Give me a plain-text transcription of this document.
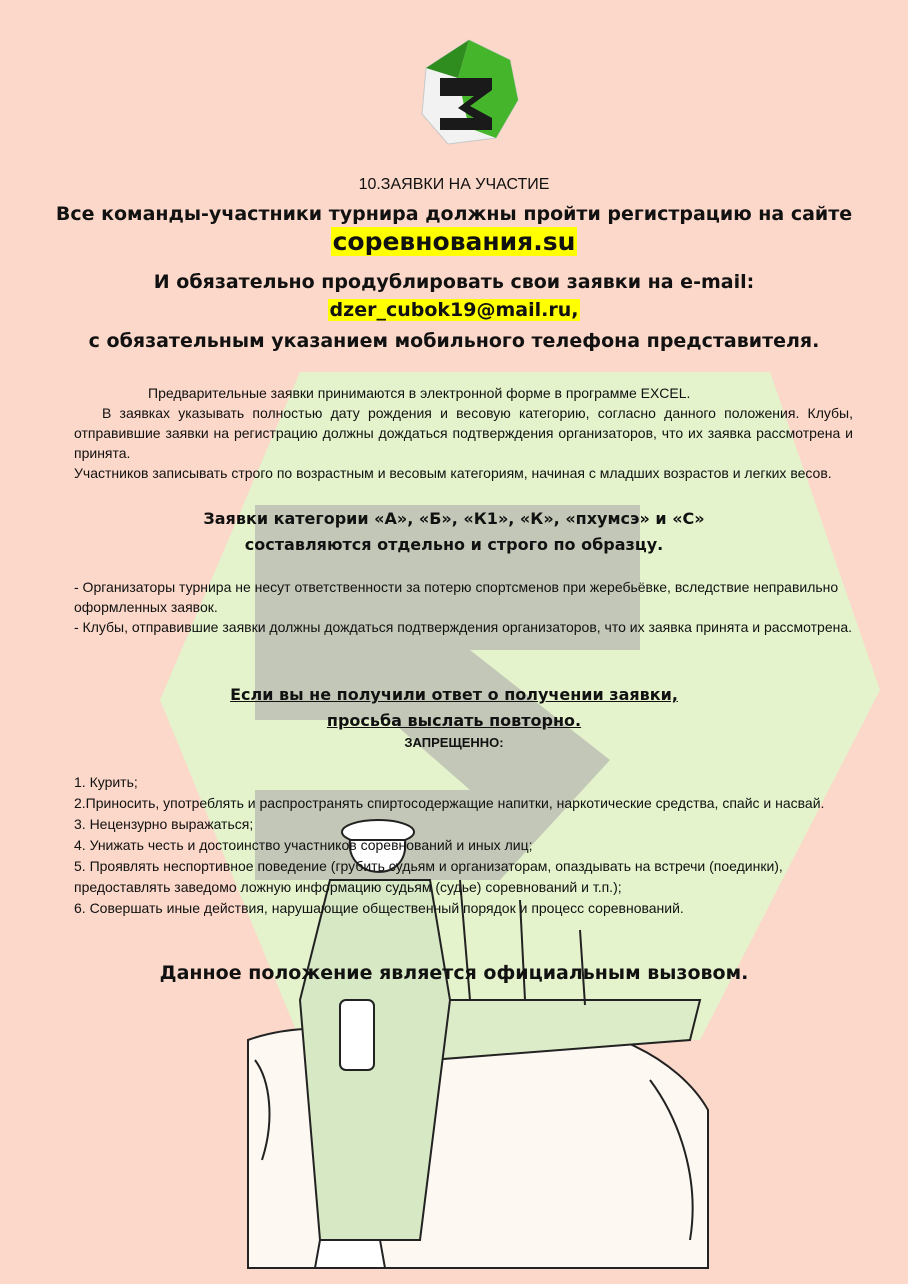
10.ЗАЯВКИ НА УЧАСТИЕ
Все команды-участники турнира должны пройти регистрацию на сайте
соревнования.su
И обязательно продублировать свои заявки на e-mail:
dzer_cubok19@mail.ru,
с обязательным указанием мобильного телефона представителя.

Предварительные заявки принимаются в электронной форме в программе EXCEL.

В заявках указывать полностью дату рождения и весовую категорию, согласно данного положения. Клубы, отправившие заявки на регистрацию должны дождаться подтверждения организаторов, что их заявка рассмотрена и принята.

Участников записывать строго по возрастным и весовым категориям, начиная с младших возрастов и легких весов.

Заявки категории «А», «Б», «К1», «К», «пхумсэ» и «С»
составляются отдельно и строго по образцу.

- Организаторы турнира не несут ответственности за потерю спортсменов при жеребьёвке, вследствие неправильно оформленных заявок.

- Клубы, отправившие заявки должны дождаться подтверждения организаторов, что их заявка принята и рассмотрена.

Если вы не получили ответ о получении заявки,
просьба выслать повторно.
ЗАПРЕЩЕННО:

1. Курить;

2.Приносить, употреблять и распространять спиртосодержащие напитки, наркотические средства, спайс и насвай.

3. Нецензурно выражаться;

4. Унижать честь и достоинство участников соревнований и иных лиц;

5. Проявлять неспортивное поведение (грубить судьям и организаторам, опаздывать на встречи (поединки), предоставлять заведомо ложную информацию судьям (судье) соревнований и т.п.);

6. Совершать иные действия, нарушающие общественный порядок и процесс соревнований.

Данное положение является официальным вызовом.
